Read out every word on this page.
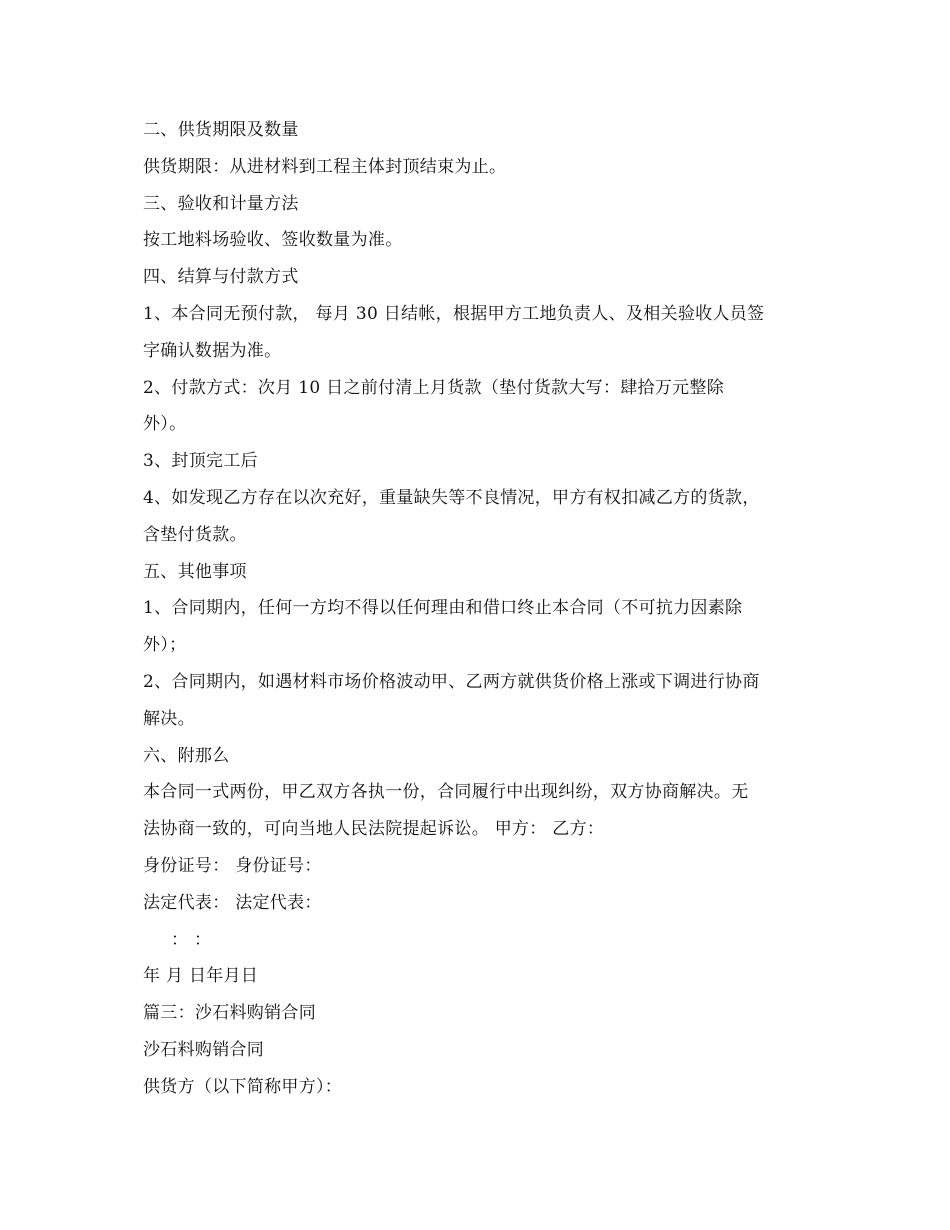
二、供货期限及数量
供货期限：从进材料到工程主体封顶结束为止。
三、验收和计量方法
按工地料场验收、签收数量为准。
四、结算与付款方式
1、本合同无预付款， 每月 30 日结帐，根据甲方工地负责人、及相关验收人员签
字确认数据为准。
2、付款方式：次月 10 日之前付清上月货款（垫付货款大写：肆拾万元整除
外）。
3、封顶完工后
4、如发现乙方存在以次充好，重量缺失等不良情况，甲方有权扣减乙方的货款，
含垫付货款。
五、其他事项
1、合同期内，任何一方均不得以任何理由和借口终止本合同（不可抗力因素除
外）；
2、合同期内，如遇材料市场价格波动甲、乙两方就供货价格上涨或下调进行协商
解决。
六、附那么
本合同一式两份，甲乙双方各执一份，合同履行中出现纠纷，双方协商解决。无
法协商一致的，可向当地人民法院提起诉讼。 甲方： 乙方：
身份证号： 身份证号：
法定代表： 法定代表：
： ：
年 月 日年月日
篇三：沙石料购销合同
沙石料购销合同
供货方（以下简称甲方）：
